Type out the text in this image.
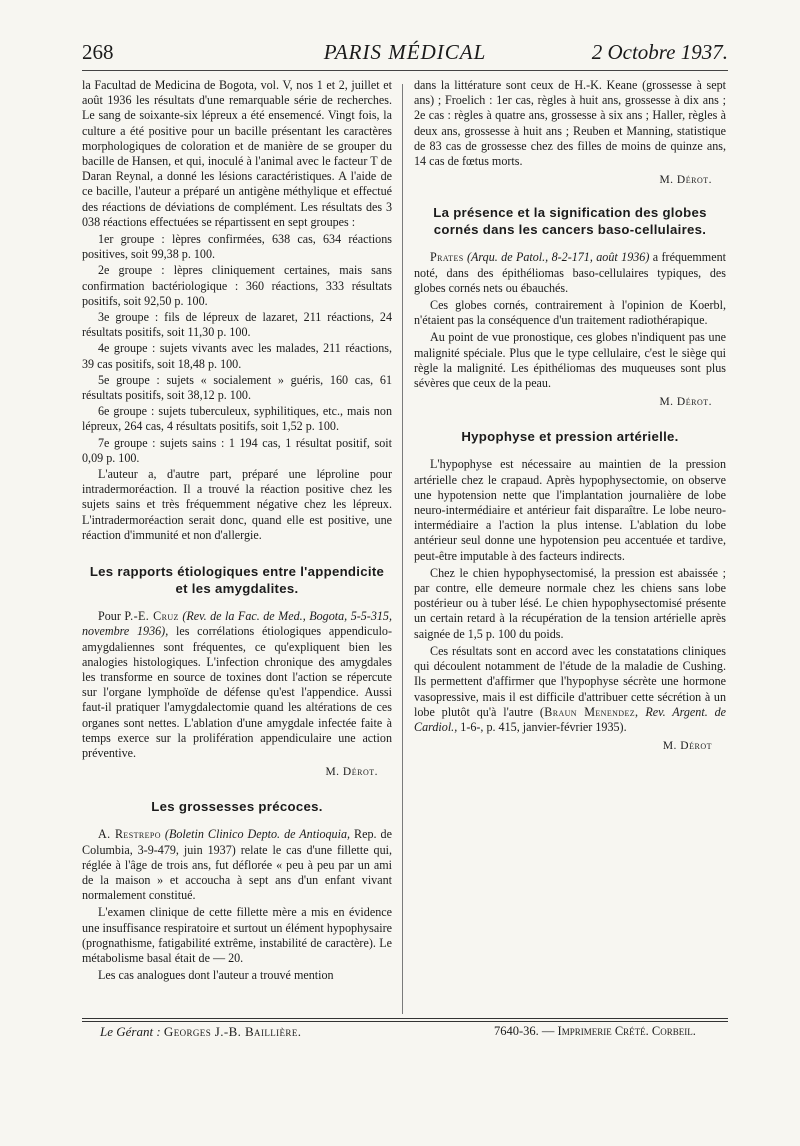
268	PARIS MÉDICAL	2 Octobre 1937.

la Facultad de Medicina de Bogota, vol. V, nos 1 et 2, juillet et août 1936 les résultats d'une remarquable série de recherches. Le sang de soixante-six lépreux a été ensemencé. Vingt fois, la culture a été positive pour un bacille présentant les caractères morphologiques de coloration et de manière de se grouper du bacille de Hansen, et qui, inoculé à l'animal avec le facteur T de Daran Reynal, a donné les lésions caractéristiques. A l'aide de ce bacille, l'auteur a préparé un antigène méthylique et effectué des réactions de déviations de complément. Les résultats des 3 038 réactions effectuées se répartissent en sept groupes :

1er groupe : lèpres confirmées, 638 cas, 634 réactions positives, soit 99,38 p. 100.

2e groupe : lèpres cliniquement certaines, mais sans confirmation bactériologique : 360 réactions, 333 résultats positifs, soit 92,50 p. 100.

3e groupe : fils de lépreux de lazaret, 211 réactions, 24 résultats positifs, soit 11,30 p. 100.

4e groupe : sujets vivants avec les malades, 211 réactions, 39 cas positifs, soit 18,48 p. 100.

5e groupe : sujets « socialement » guéris, 160 cas, 61 résultats positifs, soit 38,12 p. 100.

6e groupe : sujets tuberculeux, syphilitiques, etc., mais non lépreux, 264 cas, 4 résultats positifs, soit 1,52 p. 100.

7e groupe : sujets sains : 1 194 cas, 1 résultat positif, soit 0,09 p. 100.

L'auteur a, d'autre part, préparé une léproline pour intradermoréaction. Il a trouvé la réaction positive chez les sujets sains et très fréquemment négative chez les lépreux. L'intradermoréaction serait donc, quand elle est positive, une réaction d'immunité et non d'allergie.

Les rapports étiologiques entre l'appendicite et les amygdalites.

Pour P.-E. Cruz (Rev. de la Fac. de Med., Bogota, 5-5-315, novembre 1936), les corrélations étiologiques appendiculo-amygdaliennes sont fréquentes, ce qu'expliquent bien les analogies histologiques. L'infection chronique des amygdales les transforme en source de toxines dont l'action se répercute sur l'organe lymphoïde de défense qu'est l'appendice. Aussi faut-il pratiquer l'amygdalectomie quand les altérations de ces organes sont nettes. L'ablation d'une amygdale infectée faite à temps exerce sur la prolifération appendiculaire une action préventive.

M. Dérot.
Les grossesses précoces.

A. Restrepo (Boletin Clinico Depto. de Antioquia, Rep. de Columbia, 3-9-479, juin 1937) relate le cas d'une fillette qui, réglée à l'âge de trois ans, fut déflorée « peu à peu par un ami de la maison » et accoucha à sept ans d'un enfant vivant normalement constitué.

L'examen clinique de cette fillette mère a mis en évidence une insuffisance respiratoire et surtout un élément hypophysaire (prognathisme, fatigabilité extrême, instabilité de caractère). Le métabolisme basal était de — 20.

Les cas analogues dont l'auteur a trouvé mention

dans la littérature sont ceux de H.-K. Keane (grossesse à sept ans) ; Froelich : 1er cas, règles à huit ans, grossesse à dix ans ; 2e cas : règles à quatre ans, grossesse à six ans ; Haller, règles à deux ans, grossesse à huit ans ; Reuben et Manning, statistique de 83 cas de grossesse chez des filles de moins de quinze ans, 14 cas de fœtus morts.

M. Dérot.
La présence et la signification des globes cornés dans les cancers baso-cellulaires.

Prates (Arqu. de Patol., 8-2-171, août 1936) a fréquemment noté, dans des épithéliomas baso-cellulaires typiques, des globes cornés nets ou ébauchés.

Ces globes cornés, contrairement à l'opinion de Koerbl, n'étaient pas la conséquence d'un traitement radiothérapique.

Au point de vue pronostique, ces globes n'indiquent pas une malignité spéciale. Plus que le type cellulaire, c'est le siège qui règle la malignité. Les épithéliomas des muqueuses sont plus sévères que ceux de la peau.

M. Dérot.
Hypophyse et pression artérielle.

L'hypophyse est nécessaire au maintien de la pression artérielle chez le crapaud. Après hypophysectomie, on observe une hypotension nette que l'implantation journalière de lobe neuro-intermédiaire et antérieur fait disparaître. Le lobe neuro-intermédiaire a l'action la plus intense. L'ablation du lobe antérieur seul donne une hypotension peu accentuée et tardive, peut-être imputable à des facteurs indirects.

Chez le chien hypophysectomisé, la pression est abaissée ; par contre, elle demeure normale chez les chiens sans lobe postérieur ou à tuber lésé. Le chien hypophysectomisé présente un certain retard à la récupération de la tension artérielle après saignée de 1,5 p. 100 du poids.

Ces résultats sont en accord avec les constatations cliniques qui découlent notamment de l'étude de la maladie de Cushing. Ils permettent d'affirmer que l'hypophyse sécrète une hormone vasopressive, mais il est difficile d'attribuer cette sécrétion à un lobe plutôt qu'à l'autre (Braun Menendez, Rev. Argent. de Cardiol., 1-6-, p. 415, janvier-février 1935).

M. Dérot
Le Gérant : Georges J.-B. Baillière.	7640-36. — Imprimerie Crété. Corbeil.
